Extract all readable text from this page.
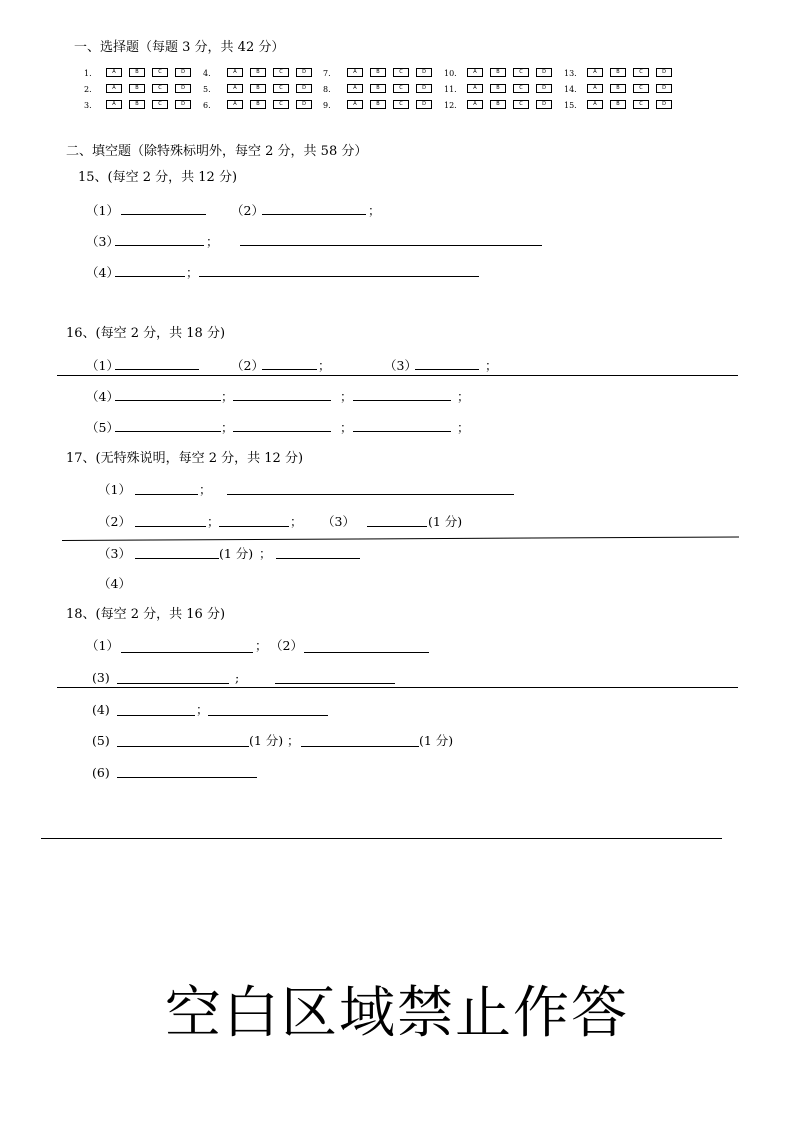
一、选择题（每题 3 分，共 42 分）
1.	A	B	C	D
2.	A	B	C	D
3.	A	B	C	D
4.	A	B	C	D
5.	A	B	C	D
6.	A	B	C	D
7.	A	B	C	D
8.	A	B	C	D
9.	A	B	C	D
10.	A	B	C	D
11.	A	B	C	D
12.	A	B	C	D
13.	A	B	C	D
14.	A	B	C	D
15.	A	B	C	D
二、填空题（除特殊标明外，每空 2 分，共 58 分）
15、(每空 2 分，共 12 分)
（1）	（2）	；
（3）	；
（4）	；
16、(每空 2 分，共 18 分)
（1）	（2）	；	（3）	；
（4）	；	；	；
（5）	；	；	；
17、(无特殊说明，每空 2 分，共 12 分)
（1）	；
（2）	；	； （3）	(1 分)
（3）	(1 分) ；
（4）
18、(每空 2 分，共 16 分)
（1）	； （2）
(3)	;
(4)	；
(5)	(1 分) ；	(1 分)
(6)
空白区域禁止作答
